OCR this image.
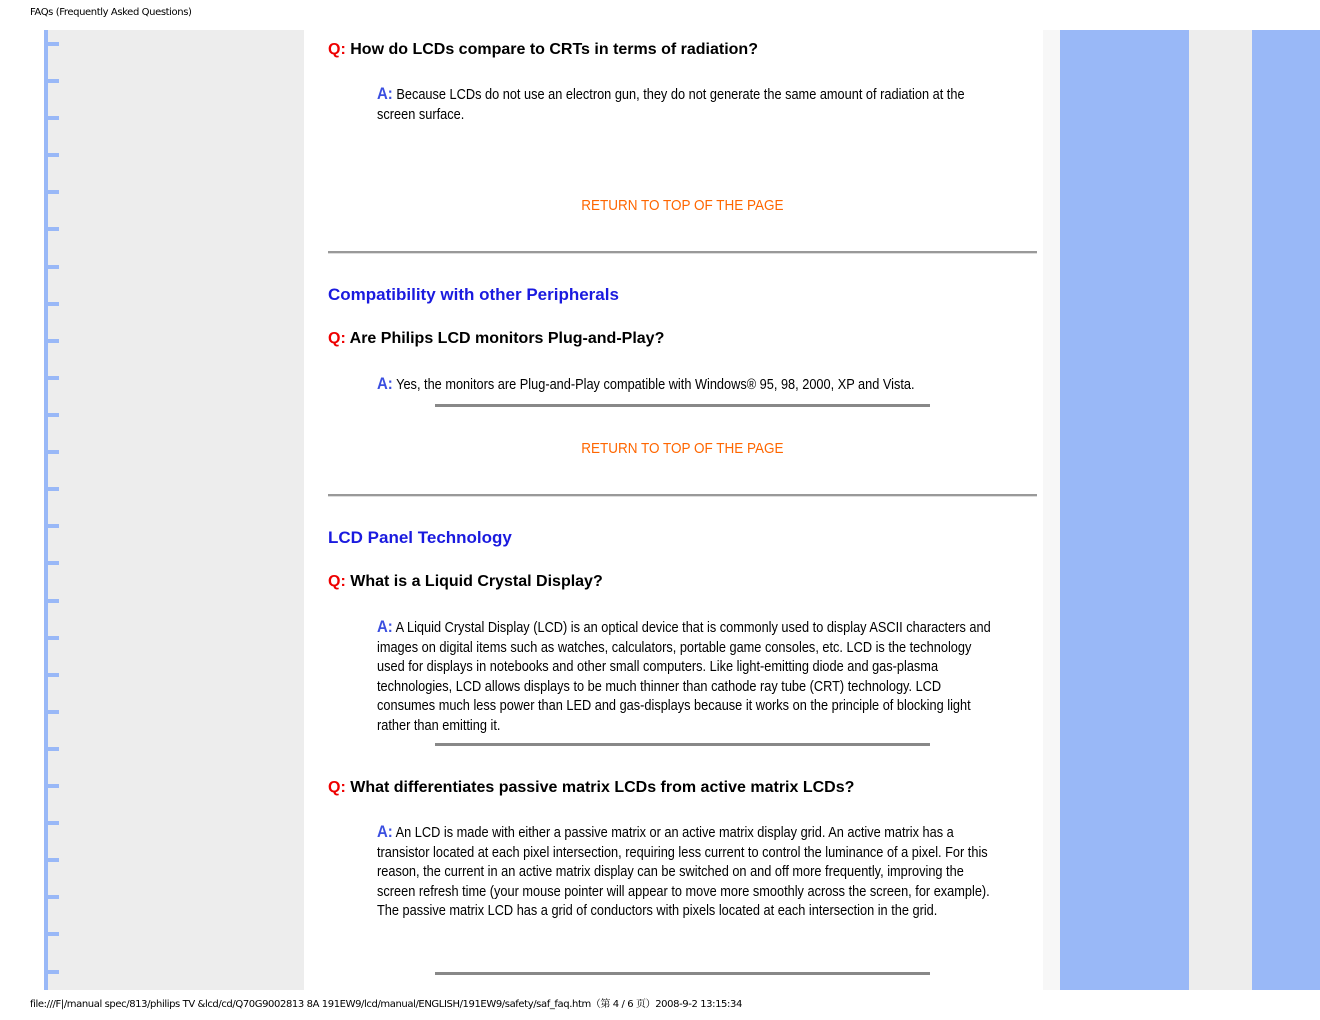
FAQs (Frequently Asked Questions)
Q: How do LCDs compare to CRTs in terms of radiation?
A: Because LCDs do not use an electron gun, they do not generate the same amount of radiation at the screen surface.
RETURN TO TOP OF THE PAGE
Compatibility with other Peripherals
Q: Are Philips LCD monitors Plug-and-Play?
A: Yes, the monitors are Plug-and-Play compatible with Windows® 95, 98, 2000, XP and Vista.
RETURN TO TOP OF THE PAGE
LCD Panel Technology
Q: What is a Liquid Crystal Display?
A: A Liquid Crystal Display (LCD) is an optical device that is commonly used to display ASCII characters and images on digital items such as watches, calculators, portable game consoles, etc. LCD is the technology used for displays in notebooks and other small computers. Like light-emitting diode and gas-plasma technologies, LCD allows displays to be much thinner than cathode ray tube (CRT) technology. LCD consumes much less power than LED and gas-displays because it works on the principle of blocking light rather than emitting it.
Q: What differentiates passive matrix LCDs from active matrix LCDs?
A: An LCD is made with either a passive matrix or an active matrix display grid. An active matrix has a transistor located at each pixel intersection, requiring less current to control the luminance of a pixel. For this reason, the current in an active matrix display can be switched on and off more frequently, improving the screen refresh time (your mouse pointer will appear to move more smoothly across the screen, for example). The passive matrix LCD has a grid of conductors with pixels located at each intersection in the grid.
file:///F|/manual spec/813/philips TV &lcd/cd/Q70G9002813 8A 191EW9/lcd/manual/ENGLISH/191EW9/safety/saf_faq.htm（第 4 / 6 页）2008-9-2 13:15:34
